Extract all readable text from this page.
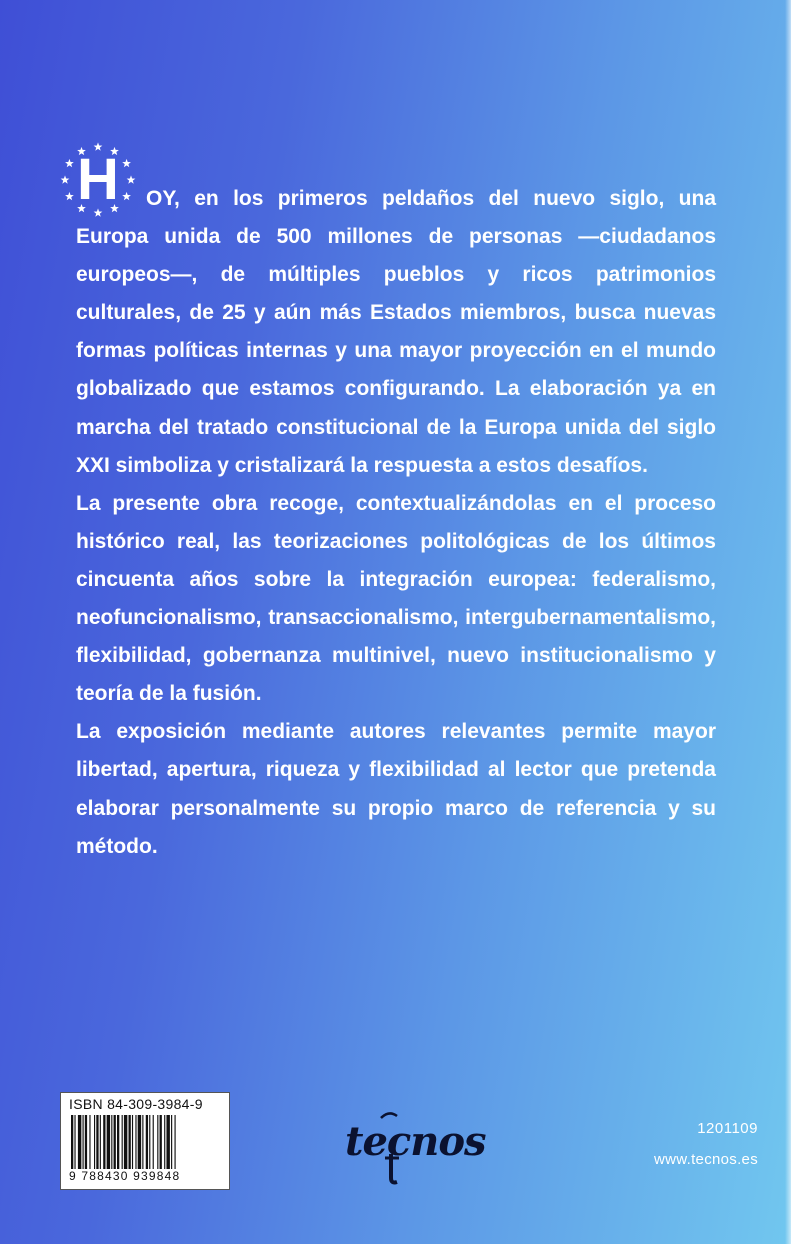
H	OY, en los primeros peldaños del nuevo siglo, una Europa unida de 500 millones de personas —ciudadanos europeos—, de múltiples pueblos y ricos patrimonios culturales, de 25 y aún más Estados miembros, busca nuevas formas políticas internas y una mayor proyección en el mundo globalizado que estamos configurando. La elaboración ya en marcha del tratado constitucional de la Europa unida del siglo XXI simboliza y cristalizará la respuesta a estos desafíos.

La presente obra recoge, contextualizándolas en el proceso histórico real, las teorizaciones politológicas de los últimos cincuenta años sobre la integración europea: federalismo, neofuncionalismo, transaccionalismo, intergubernamentalismo, flexibilidad, gobernanza multinivel, nuevo institucionalismo y teoría de la fusión.

La exposición mediante autores relevantes permite mayor libertad, apertura, riqueza y flexibilidad al lector que pretenda elaborar personalmente su propio marco de referencia y su método.

ISBN 84-309-3984-9
9 788430 939848
tecnos	1201109
www.tecnos.es
